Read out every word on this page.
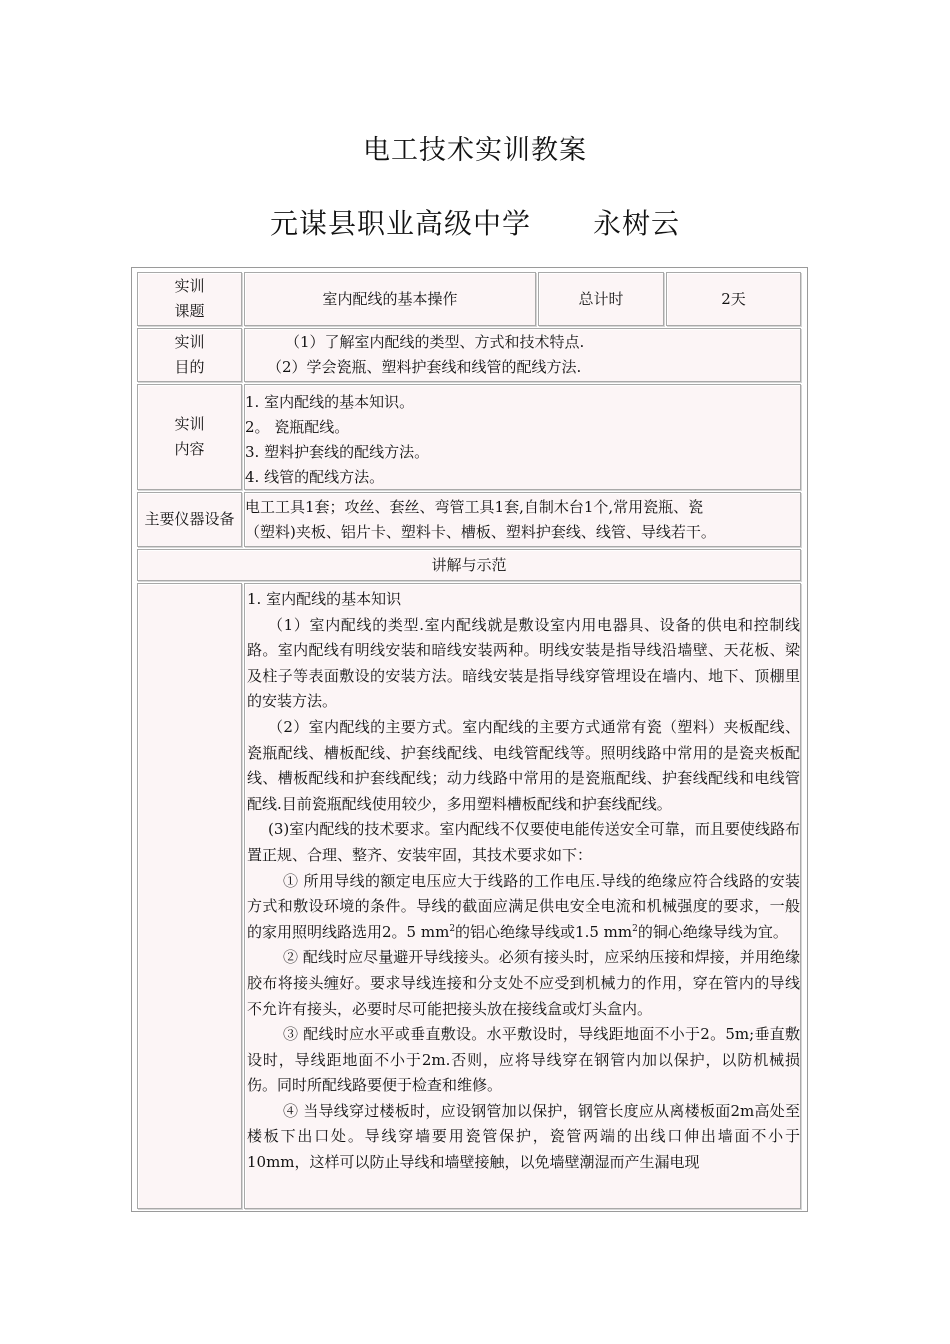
电工技术实训教案
元谋县职业高级中学 永树云
实训
课题
室内配线的基本操作	总计时	2天
实训
目的

（1）了解室内配线的类型、方式和技术特点.

（2）学会瓷瓶、塑料护套线和线管的配线方法.

实训
内容

1. 室内配线的基本知识。

2。 瓷瓶配线。

3. 塑料护套线的配线方法。

4. 线管的配线方法。

主要仪器设备

电工工具1套；攻丝、套丝、弯管工具1套,自制木台1个,常用瓷瓶、瓷

（塑料)夹板、铝片卡、塑料卡、槽板、塑料护套线、线管、导线若干。

讲解与示范

1. 室内配线的基本知识

（1）室内配线的类型.室内配线就是敷设室内用电器具、设备的供电和控制线路。室内配线有明线安装和暗线安装两种。明线安装是指导线沿墙壁、天花板、梁及柱子等表面敷设的安装方法。暗线安装是指导线穿管埋设在墙内、地下、顶棚里的安装方法。

（2）室内配线的主要方式。室内配线的主要方式通常有瓷（塑料）夹板配线、瓷瓶配线、槽板配线、护套线配线、电线管配线等。照明线路中常用的是瓷夹板配线、槽板配线和护套线配线；动力线路中常用的是瓷瓶配线、护套线配线和电线管配线.目前瓷瓶配线使用较少，多用塑料槽板配线和护套线配线。

(3)室内配线的技术要求。室内配线不仅要使电能传送安全可靠，而且要使线路布置正规、合理、整齐、安装牢固，其技术要求如下：

① 所用导线的额定电压应大于线路的工作电压.导线的绝缘应符合线路的安装方式和敷设环境的条件。导线的截面应满足供电安全电流和机械强度的要求，一般的家用照明线路选用2。5 $mm^2$的铝心绝缘导线或1.5 $mm^2$的铜心绝缘导线为宜。

② 配线时应尽量避开导线接头。必须有接头时，应采纳压接和焊接，并用绝缘胶布将接头缠好。要求导线连接和分支处不应受到机械力的作用，穿在管内的导线不允许有接头，必要时尽可能把接头放在接线盒或灯头盒内。

③ 配线时应水平或垂直敷设。水平敷设时，导线距地面不小于2。5m;垂直敷设时，导线距地面不小于2m.否则，应将导线穿在钢管内加以保护，以防机械损伤。同时所配线路要便于检查和维修。

④ 当导线穿过楼板时，应设钢管加以保护，钢管长度应从离楼板面2m高处至楼板下出口处。导线穿墙要用瓷管保护，瓷管两端的出线口伸出墙面不小于10mm，这样可以防止导线和墙壁接触，以免墙壁潮湿而产生漏电现
